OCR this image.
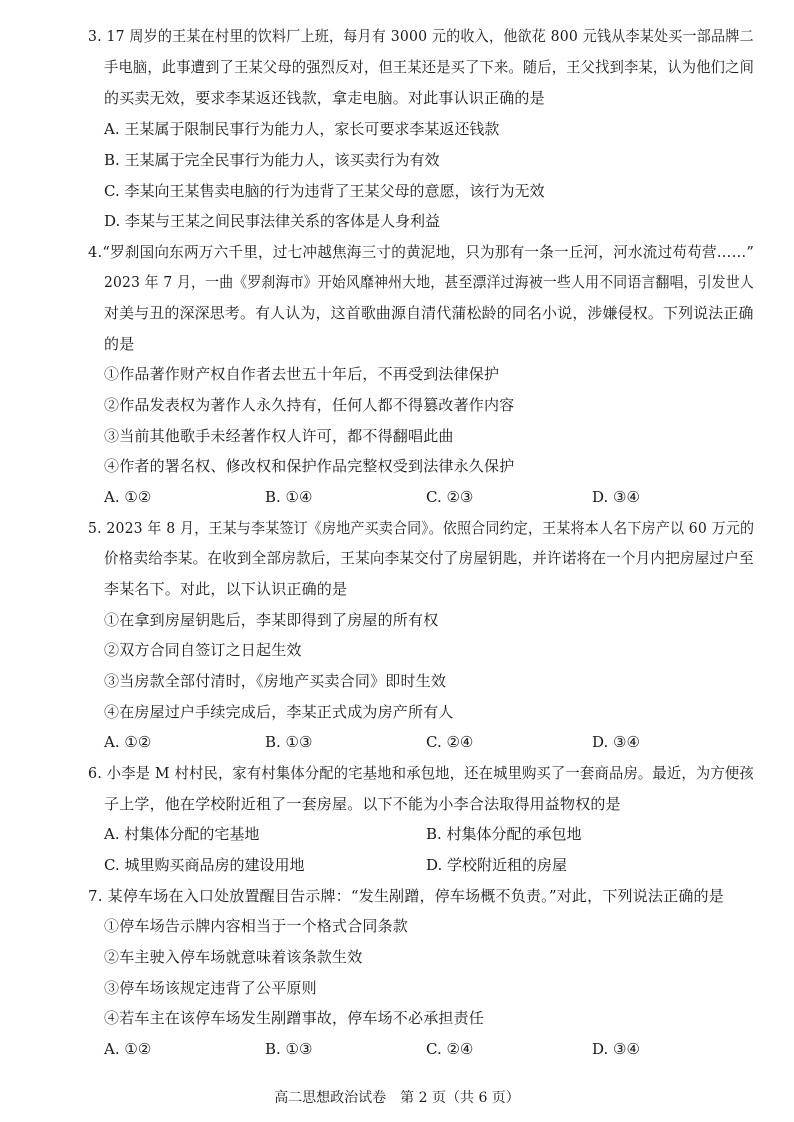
3. 17 周岁的王某在村里的饮料厂上班，每月有 3000 元的收入，他欲花 800 元钱从李某处买一部品牌二
手电脑，此事遭到了王某父母的强烈反对，但王某还是买了下来。随后，王父找到李某，认为他们之间
的买卖无效，要求李某返还钱款，拿走电脑。对此事认识正确的是
A. 王某属于限制民事行为能力人，家长可要求李某返还钱款
B. 王某属于完全民事行为能力人，该买卖行为有效
C. 李某向王某售卖电脑的行为违背了王某父母的意愿，该行为无效
D. 李某与王某之间民事法律关系的客体是人身利益
4.“罗刹国向东两万六千里，过七冲越焦海三寸的黄泥地，只为那有一条一丘河，河水流过苟苟营……”
2023 年 7 月，一曲《罗刹海市》开始风靡神州大地，甚至漂洋过海被一些人用不同语言翻唱，引发世人
对美与丑的深深思考。有人认为，这首歌曲源自清代蒲松龄的同名小说，涉嫌侵权。下列说法正确
的是
①作品著作财产权自作者去世五十年后，不再受到法律保护
②作品发表权为著作人永久持有，任何人都不得篡改著作内容
③当前其他歌手未经著作权人许可，都不得翻唱此曲
④作者的署名权、修改权和保护作品完整权受到法律永久保护
A. ①②	B. ①④	C. ②③	D. ③④
5. 2023 年 8 月，王某与李某签订《房地产买卖合同》。依照合同约定，王某将本人名下房产以 60 万元的
价格卖给李某。在收到全部房款后，王某向李某交付了房屋钥匙，并许诺将在一个月内把房屋过户至
李某名下。对此，以下认识正确的是
①在拿到房屋钥匙后，李某即得到了房屋的所有权
②双方合同自签订之日起生效
③当房款全部付清时，《房地产买卖合同》即时生效
④在房屋过户手续完成后，李某正式成为房产所有人
A. ①②	B. ①③	C. ②④	D. ③④
6. 小李是 M 村村民，家有村集体分配的宅基地和承包地，还在城里购买了一套商品房。最近，为方便孩
子上学，他在学校附近租了一套房屋。以下不能为小李合法取得用益物权的是
A. 村集体分配的宅基地	B. 村集体分配的承包地
C. 城里购买商品房的建设用地	D. 学校附近租的房屋
7. 某停车场在入口处放置醒目告示牌：“发生剐蹭，停车场概不负责。”对此，下列说法正确的是
①停车场告示牌内容相当于一个格式合同条款
②车主驶入停车场就意味着该条款生效
③停车场该规定违背了公平原则
④若车主在该停车场发生剐蹭事故，停车场不必承担责任
A. ①②	B. ①③	C. ②④	D. ③④
高二思想政治试卷　第 2 页（共 6 页）
